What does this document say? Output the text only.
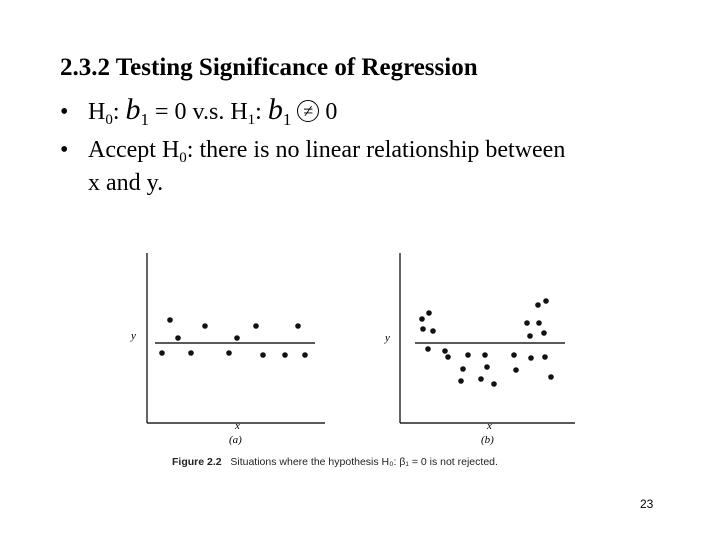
2.3.2 Testing Significance of Regression
• $H_0$: $b_1 = 0$ v.s. $H_1$: $b_1 \ne 0$
• Accept $H_0$: there is no linear relationship between
x and y.
y
x
(a)
y
x
(b)
Figure 2.2 Situations where the hypothesis H₀: β₁ = 0 is not rejected.
23
